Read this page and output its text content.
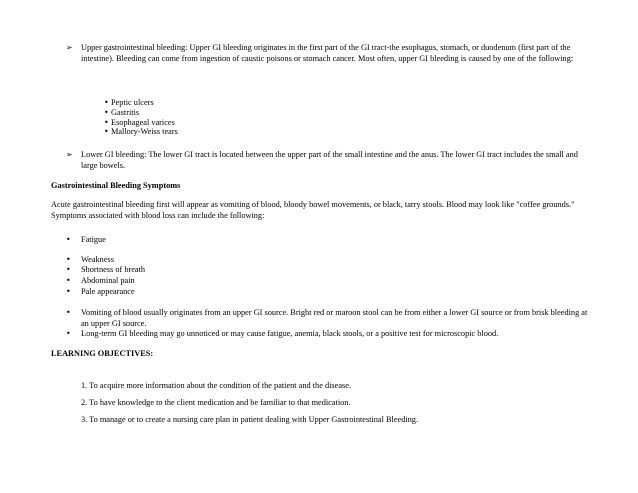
➢ Upper gastrointestinal bleeding: Upper GI bleeding originates in the first part of the GI tract-the esophagus, stomach, or duodenum (first part of the intestine). Bleeding can come from ingestion of caustic poisons or stomach cancer. Most often, upper GI bleeding is caused by one of the following:

• Peptic ulcers
• Gastritis
• Esophageal varices
• Mallory-Weiss tears
➢ Lower GI bleeding: The lower GI tract is located between the upper part of the small intestine and the anus. The lower GI tract includes the small and large bowels.

Gastrointestinal Bleeding Symptoms

Acute gastrointestinal bleeding first will appear as vomiting of blood, bloody bowel movements, or black, tarry stools. Blood may look like "coffee grounds." Symptoms associated with blood loss can include the following:

• Fatigue
• Weakness
• Shortness of breath
• Abdominal pain
• Pale appearance
• Vomiting of blood usually originates from an upper GI source. Bright red or maroon stool can be from either a lower GI source or from brisk bleeding at an upper GI source.

• Long-term GI bleeding may go unnoticed or may cause fatigue, anemia, black stools, or a positive test for microscopic blood.

LEARNING OBJECTIVES:

1. To acquire more information about the condition of the patient and the disease.

2. To have knowledge to the client medication and be familiar to that medication.

3. To manage or to create a nursing care plan in patient dealing with Upper Gastrointestinal Bleeding.
